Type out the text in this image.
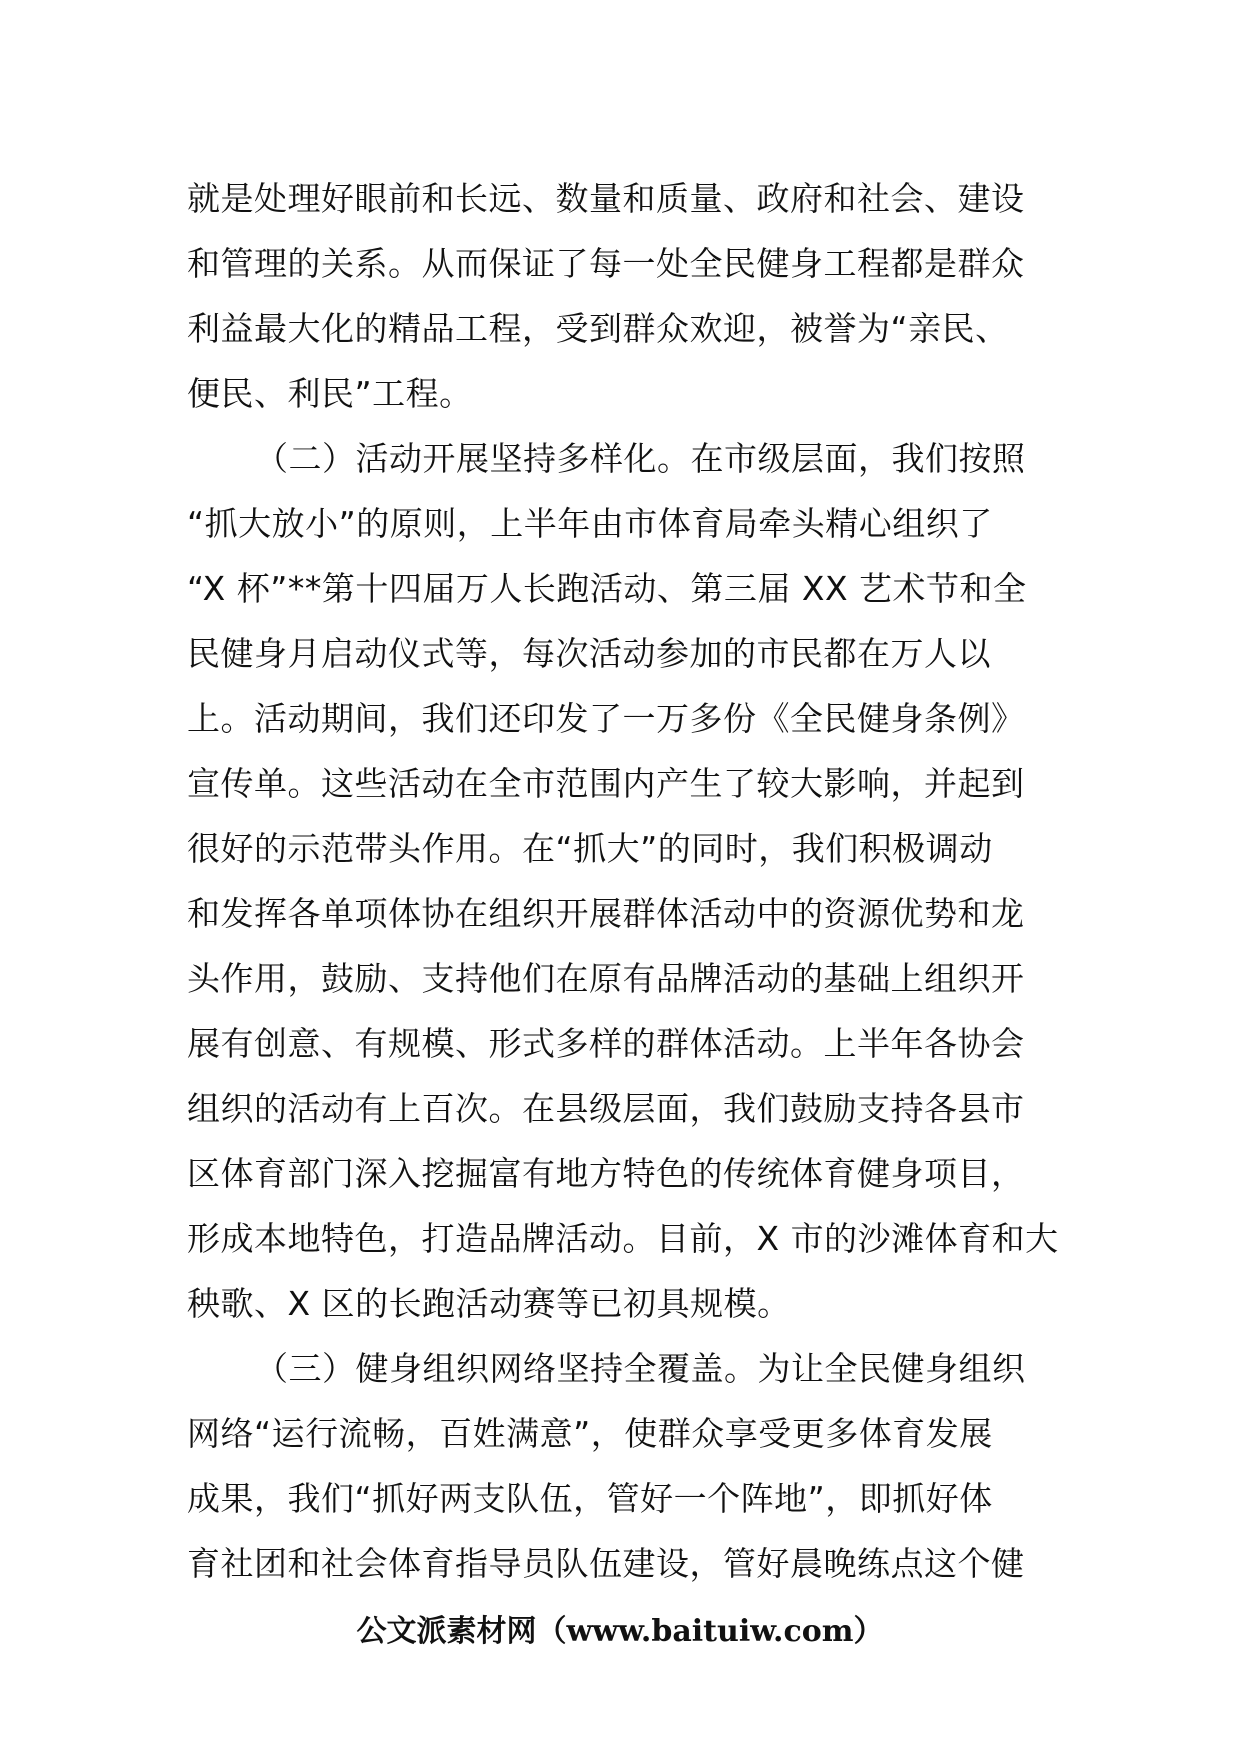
就是处理好眼前和长远、数量和质量、政府和社会、建设
和管理的关系。从而保证了每一处全民健身工程都是群众
利益最大化的精品工程，受到群众欢迎，被誉为“亲民、
便民、利民”工程。
（二）活动开展坚持多样化。在市级层面，我们按照
“抓大放小”的原则，上半年由市体育局牵头精心组织了
“X 杯”**第十四届万人长跑活动、第三届 XX 艺术节和全
民健身月启动仪式等，每次活动参加的市民都在万人以
上。活动期间，我们还印发了一万多份《全民健身条例》
宣传单。这些活动在全市范围内产生了较大影响，并起到
很好的示范带头作用。在“抓大”的同时，我们积极调动
和发挥各单项体协在组织开展群体活动中的资源优势和龙
头作用，鼓励、支持他们在原有品牌活动的基础上组织开
展有创意、有规模、形式多样的群体活动。上半年各协会
组织的活动有上百次。在县级层面，我们鼓励支持各县市
区体育部门深入挖掘富有地方特色的传统体育健身项目，
形成本地特色，打造品牌活动。目前，X 市的沙滩体育和大
秧歌、X 区的长跑活动赛等已初具规模。
（三）健身组织网络坚持全覆盖。为让全民健身组织
网络“运行流畅，百姓满意”，使群众享受更多体育发展
成果，我们“抓好两支队伍，管好一个阵地”，即抓好体
育社团和社会体育指导员队伍建设，管好晨晚练点这个健
公文派素材网（www.baituiw.com）
